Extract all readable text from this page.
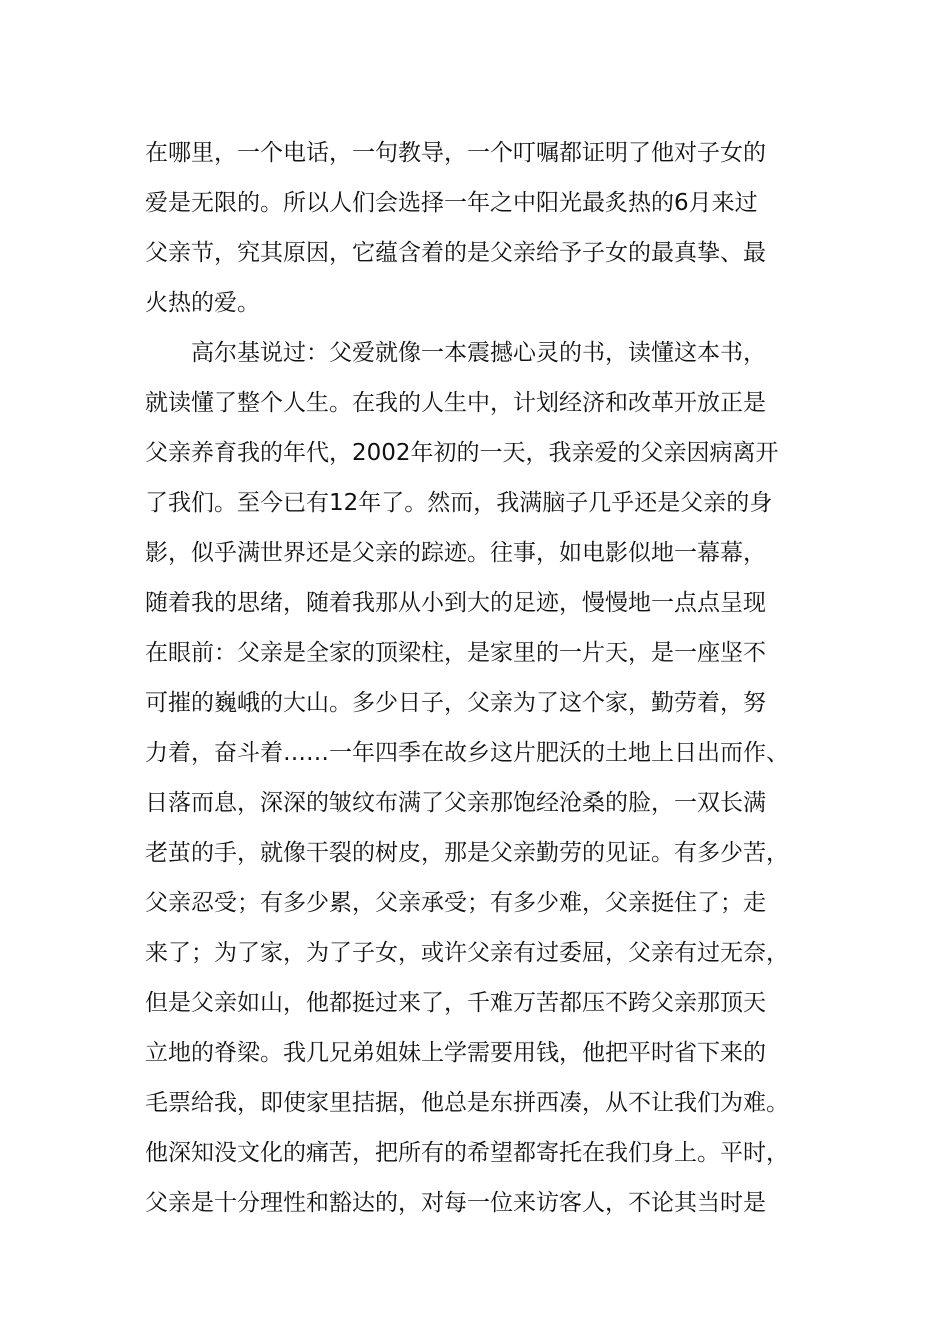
在哪里，一个电话，一句教导，一个叮嘱都证明了他对子女的
爱是无限的。所以人们会选择一年之中阳光最炙热的6月来过
父亲节，究其原因，它蕴含着的是父亲给予子女的最真挚、最
火热的爱。
高尔基说过：父爱就像一本震撼心灵的书，读懂这本书，
就读懂了整个人生。在我的人生中，计划经济和改革开放正是
父亲养育我的年代，2002年初的一天，我亲爱的父亲因病离开
了我们。至今已有12年了。然而，我满脑子几乎还是父亲的身
影，似乎满世界还是父亲的踪迹。往事，如电影似地一幕幕，
随着我的思绪，随着我那从小到大的足迹，慢慢地一点点呈现
在眼前：父亲是全家的顶梁柱，是家里的一片天，是一座坚不
可摧的巍峨的大山。多少日子，父亲为了这个家，勤劳着，努
力着，奋斗着……一年四季在故乡这片肥沃的土地上日出而作、
日落而息，深深的皱纹布满了父亲那饱经沧桑的脸，一双长满
老茧的手，就像干裂的树皮，那是父亲勤劳的见证。有多少苦，
父亲忍受；有多少累，父亲承受；有多少难，父亲挺住了；走
来了；为了家，为了子女，或许父亲有过委屈，父亲有过无奈，
但是父亲如山，他都挺过来了，千难万苦都压不跨父亲那顶天
立地的脊梁。我几兄弟姐妹上学需要用钱，他把平时省下来的
毛票给我，即使家里拮据，他总是东拼西凑，从不让我们为难。
他深知没文化的痛苦，把所有的希望都寄托在我们身上。平时，
父亲是十分理性和豁达的，对每一位来访客人，不论其当时是
